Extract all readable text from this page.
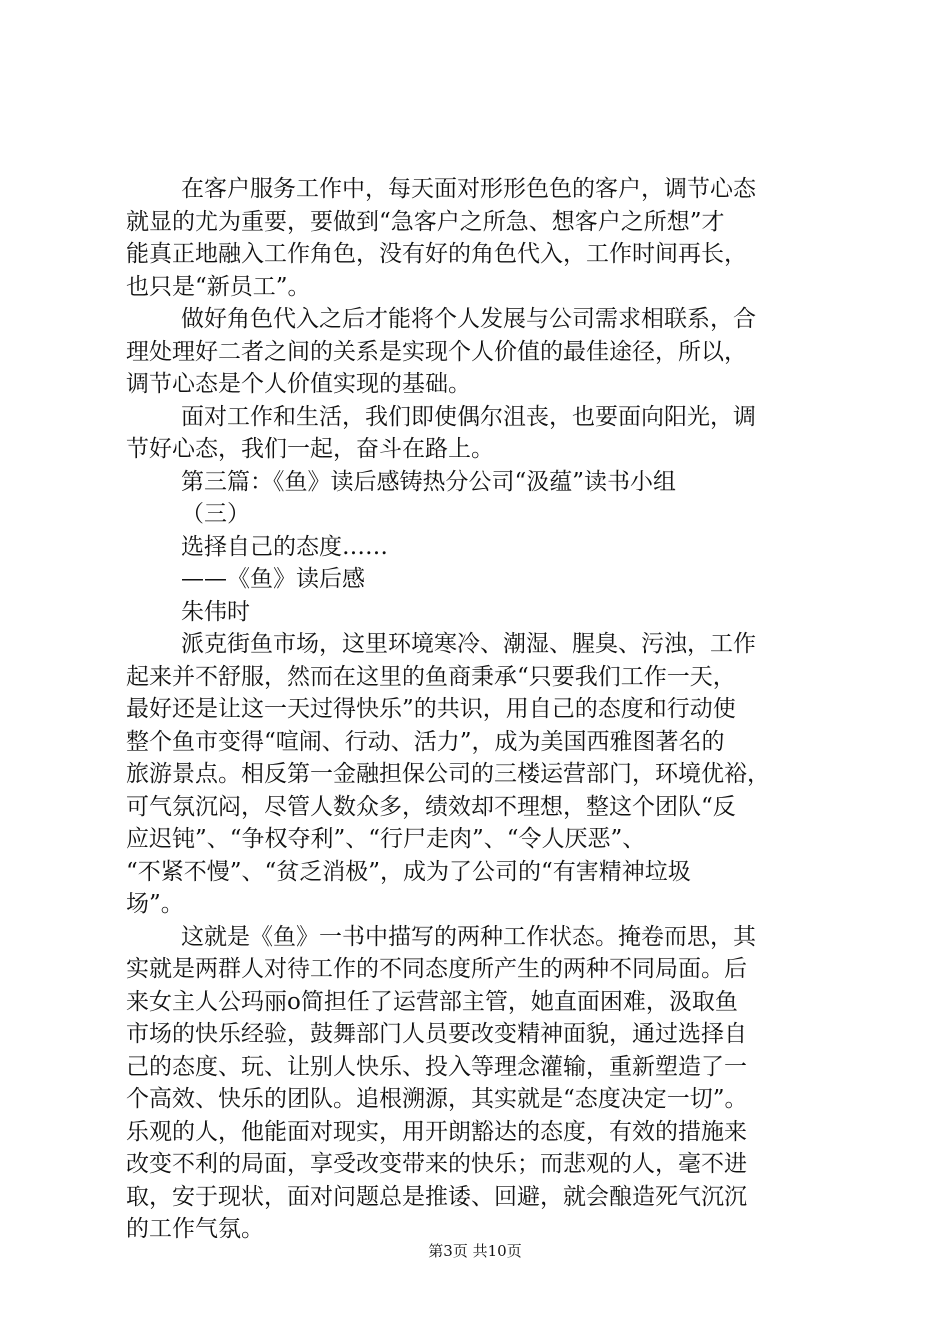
在客户服务工作中，每天面对形形色色的客户，调节心态
就显的尤为重要，要做到“急客户之所急、想客户之所想”才
能真正地融入工作角色，没有好的角色代入，工作时间再长，
也只是“新员工”。
做好角色代入之后才能将个人发展与公司需求相联系，合
理处理好二者之间的关系是实现个人价值的最佳途径，所以，
调节心态是个人价值实现的基础。
面对工作和生活，我们即使偶尔沮丧，也要面向阳光，调
节好心态，我们一起，奋斗在路上。
第三篇：《鱼》读后感铸热分公司“汲蕴”读书小组
（三）
选择自己的态度……
——《鱼》读后感
朱伟时
派克街鱼市场，这里环境寒冷、潮湿、腥臭、污浊，工作
起来并不舒服，然而在这里的鱼商秉承“只要我们工作一天，
最好还是让这一天过得快乐”的共识，用自己的态度和行动使
整个鱼市变得“喧闹、行动、活力”，成为美国西雅图著名的
旅游景点。相反第一金融担保公司的三楼运营部门，环境优裕，
可气氛沉闷，尽管人数众多，绩效却不理想，整这个团队“反
应迟钝”、“争权夺利”、“行尸走肉”、“令人厌恶”、
“不紧不慢”、“贫乏消极”，成为了公司的“有害精神垃圾
场”。
这就是《鱼》一书中描写的两种工作状态。掩卷而思，其
实就是两群人对待工作的不同态度所产生的两种不同局面。后
来女主人公玛丽o简担任了运营部主管，她直面困难，汲取鱼
市场的快乐经验，鼓舞部门人员要改变精神面貌，通过选择自
己的态度、玩、让别人快乐、投入等理念灌输，重新塑造了一
个高效、快乐的团队。追根溯源，其实就是“态度决定一切”。
乐观的人，他能面对现实，用开朗豁达的态度，有效的措施来
改变不利的局面，享受改变带来的快乐；而悲观的人，毫不进
取，安于现状，面对问题总是推诿、回避，就会酿造死气沉沉
的工作气氛。
第3页 共10页
